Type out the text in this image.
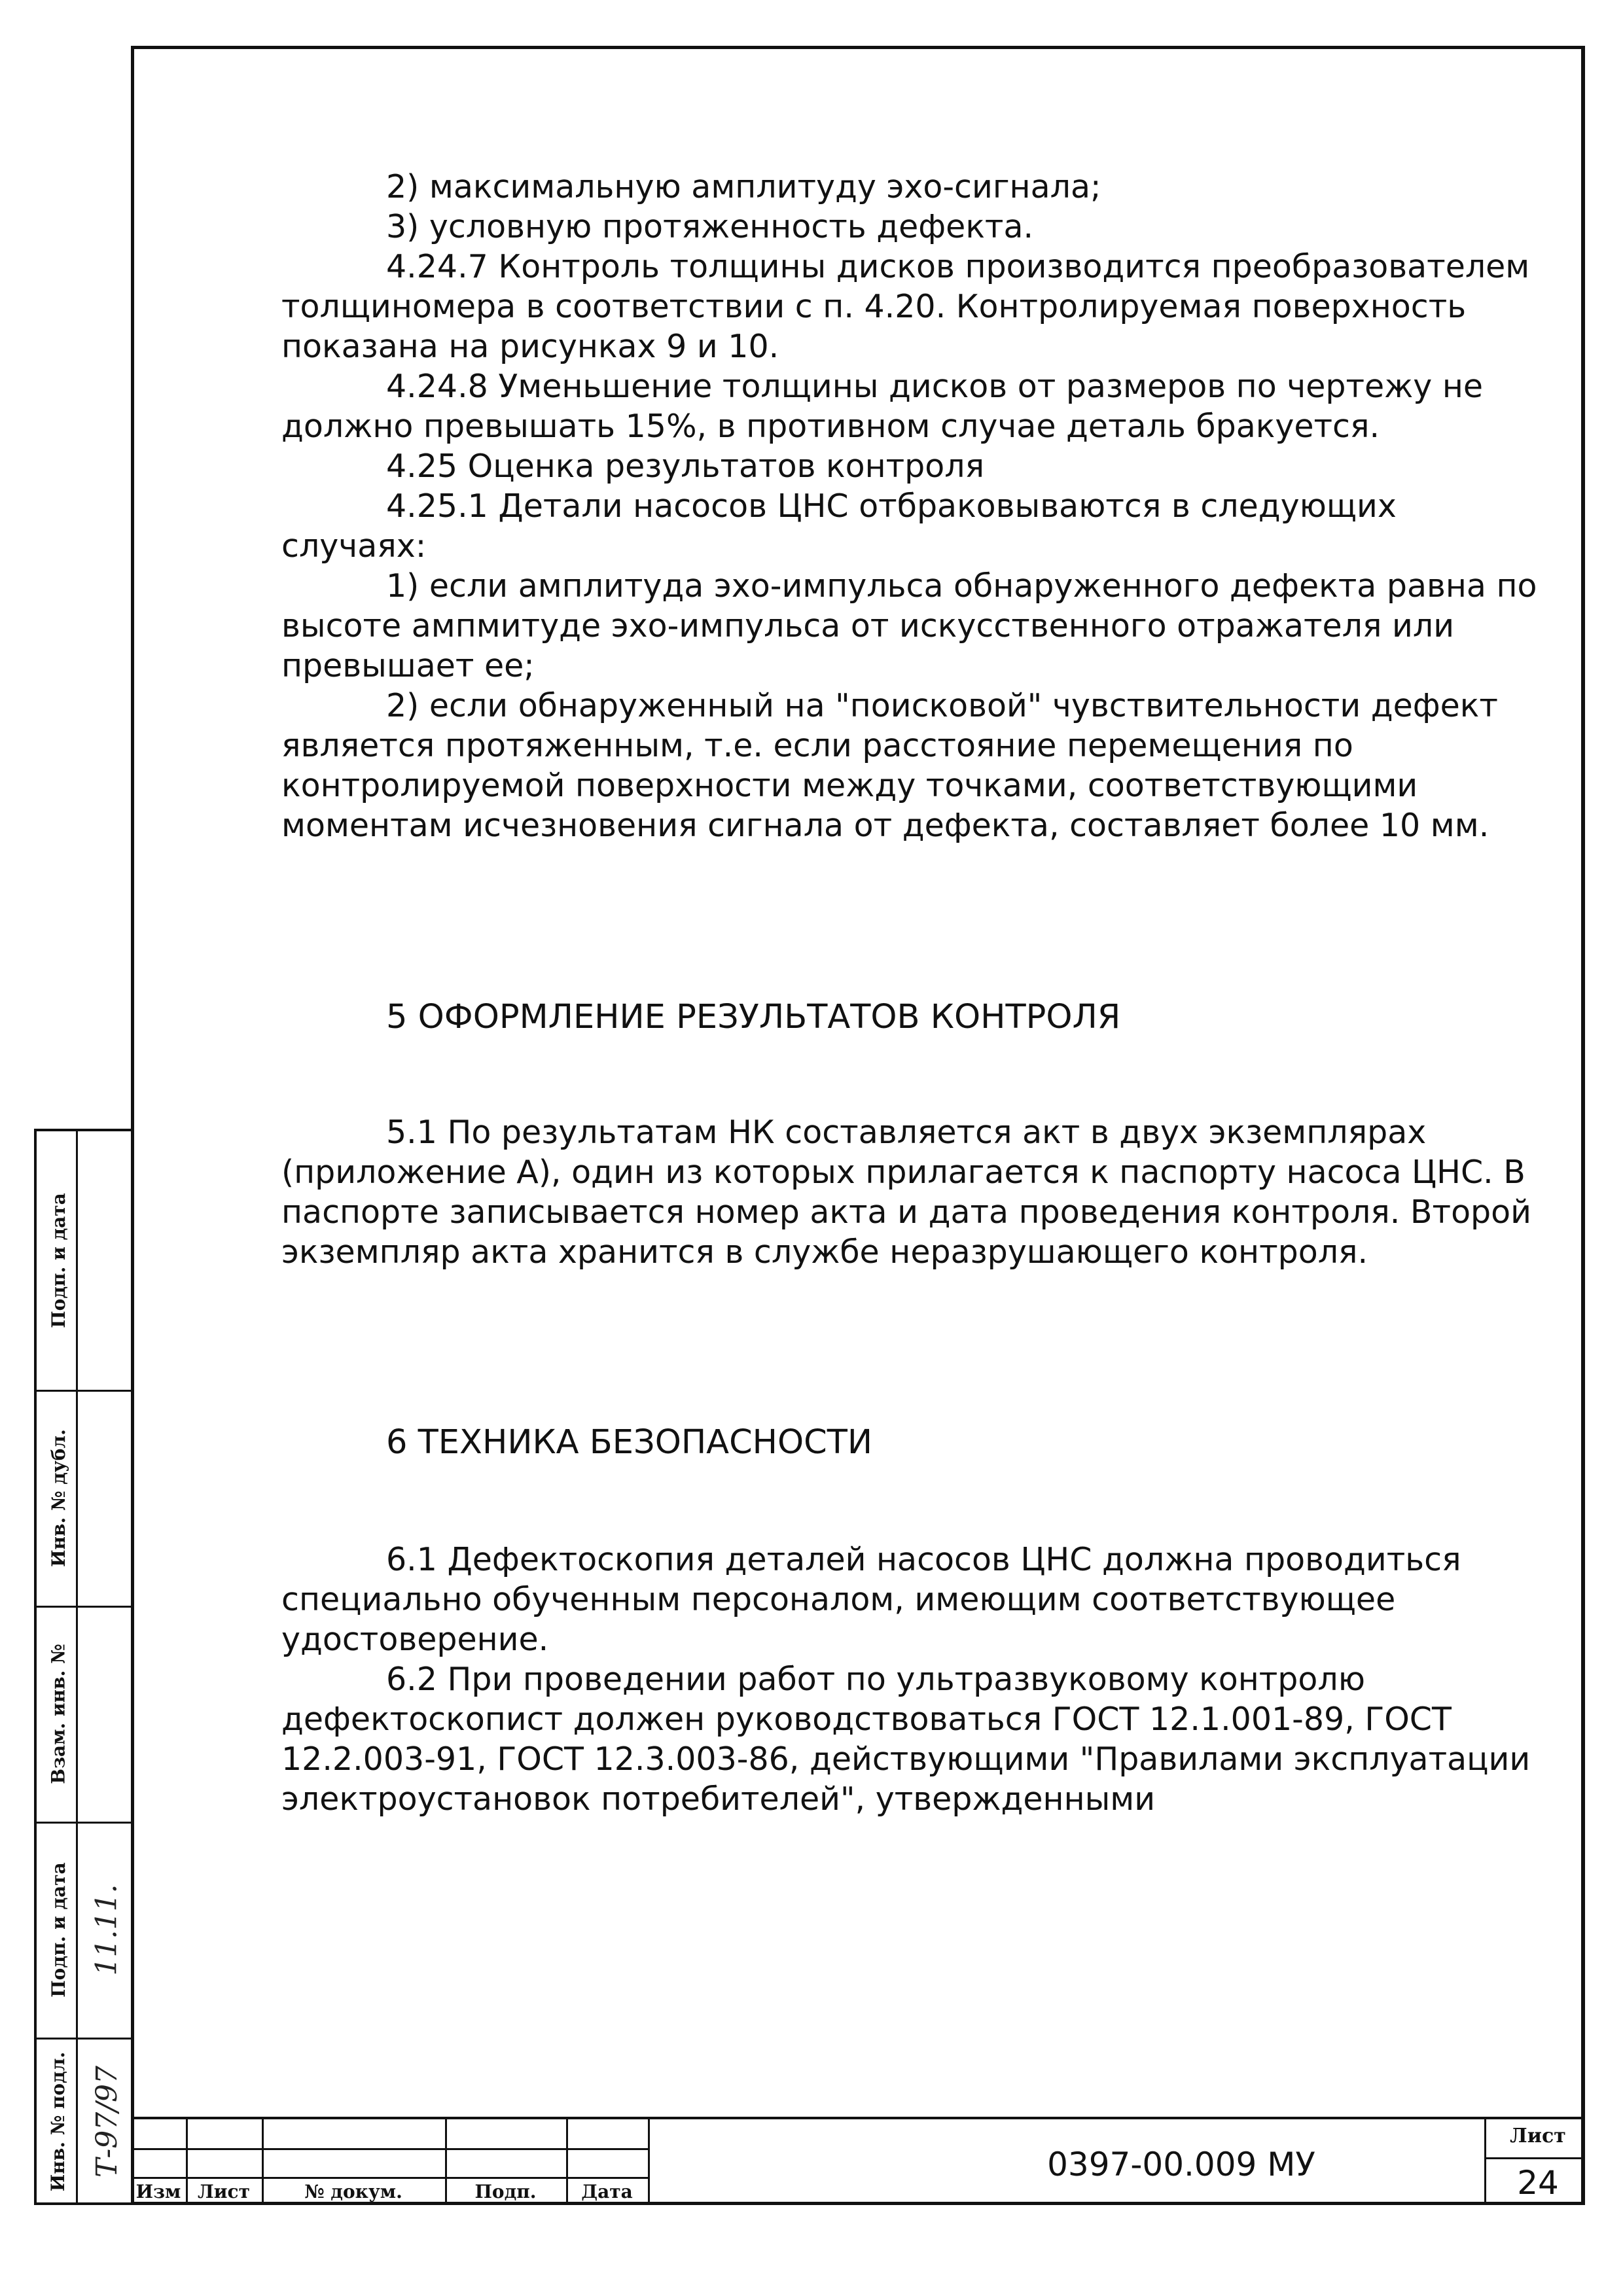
2) максимальную амплитуду эхо-сигнала;

3) условную протяженность дефекта.

4.24.7 Контроль толщины дисков производится преобразователем толщиномера в соответствии с п. 4.20. Контролируемая поверхность показана на рисунках 9 и 10.

4.24.8 Уменьшение толщины дисков от размеров по чертежу не должно превышать 15%, в противном случае деталь бракуется.

4.25 Оценка результатов контроля

4.25.1 Детали насосов ЦНС отбраковываются в следующих случаях:

1) если амплитуда эхо-импульса обнаруженного дефекта равна по высоте ампмитуде эхо-импульса от искусственного отражателя или превышает ее;

2) если обнаруженный на "поисковой" чувствительности дефект является протяженным, т.е. если расстояние перемещения по контролируемой поверхности между точками, соответствующими моментам исчезновения сигнала от дефекта, составляет более 10 мм.

5 ОФОРМЛЕНИЕ РЕЗУЛЬТАТОВ КОНТРОЛЯ

5.1 По результатам НК составляется акт в двух экземплярах (приложение А), один из которых прилагается к паспорту насоса ЦНС. В паспорте записывается номер акта и дата проведения контроля. Второй экземпляр акта хранится в службе неразрушающего контроля.

6 ТЕХНИКА БЕЗОПАСНОСТИ

6.1 Дефектоскопия деталей насосов ЦНС должна проводиться специально обученным персоналом, имеющим соответствующее удостоверение.

6.2 При проведении работ по ультразвуковому контролю дефектоскопист должен руководствоваться ГОСТ 12.1.001-89, ГОСТ 12.2.003-91, ГОСТ 12.3.003-86, действующими "Правилами эксплуатации электроустановок потребителей", утвержденными

Подп. и дата
Инв. № дубл.
Взам. инв. №
Подп. и дата
Инв. № подл.
11.11.
Т-97/97
Изм Лист	№ докум.	Подп.	Дата
0397-00.009 МУ
Лист
24
